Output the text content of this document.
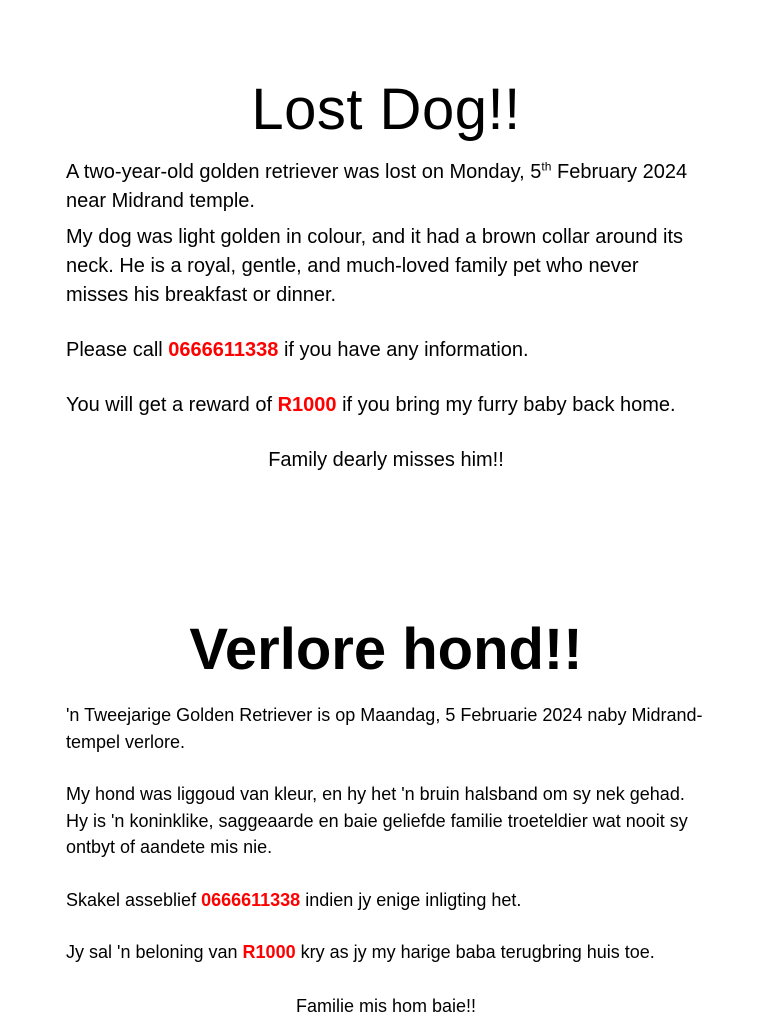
Lost Dog!!

A two-year-old golden retriever was lost on Monday, 5th February 2024 near Midrand temple.

My dog was light golden in colour, and it had a brown collar around its neck. He is a royal, gentle, and much-loved family pet who never misses his breakfast or dinner.

Please call 0666611338 if you have any information.

You will get a reward of R1000 if you bring my furry baby back home.

Family dearly misses him!!

Verlore hond!!

'n Tweejarige Golden Retriever is op Maandag, 5 Februarie 2024 naby Midrand-tempel verlore.

My hond was liggoud van kleur, en hy het 'n bruin halsband om sy nek gehad. Hy is 'n koninklike, saggeaarde en baie geliefde familie troeteldier wat nooit sy ontbyt of aandete mis nie.

Skakel asseblief 0666611338 indien jy enige inligting het.

Jy sal 'n beloning van R1000 kry as jy my harige baba terugbring huis toe.

Familie mis hom baie!!
